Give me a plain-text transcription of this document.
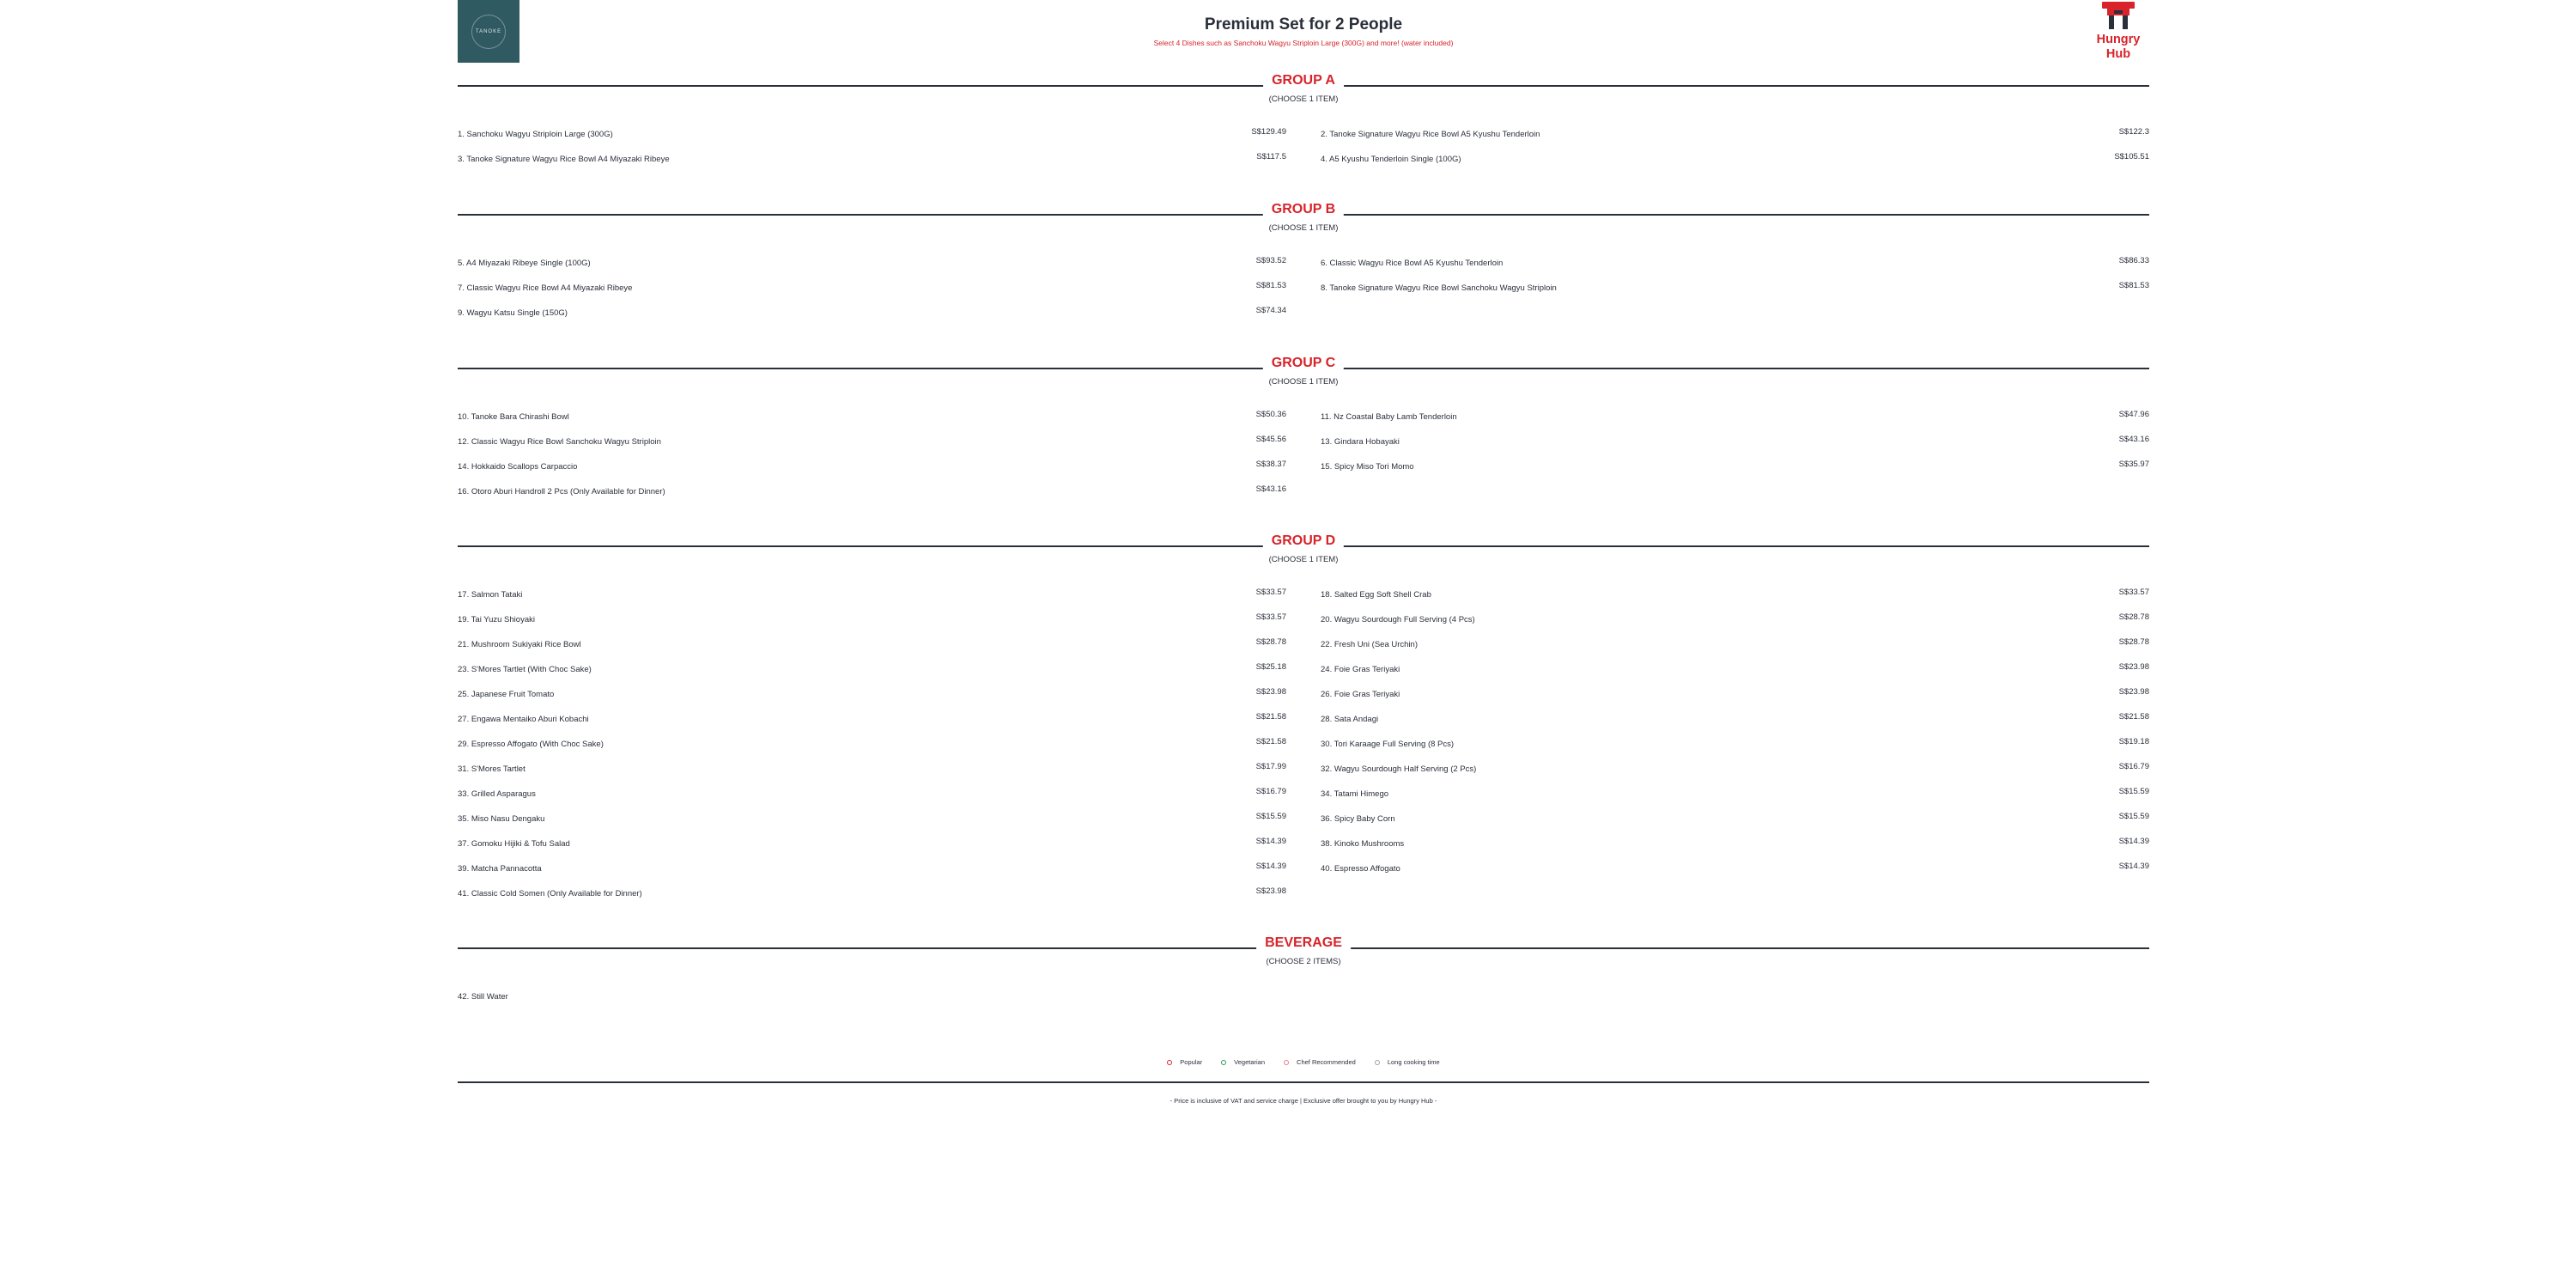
TANOKE	Premium Set for 2 People
Select 4 Dishes such as Sanchoku Wagyu Striploin Large (300G) and more! (water included)	Hungry
Hub
GROUP A
(CHOOSE 1 ITEM)
1. Sanchoku Wagyu Striploin Large (300G)	S$129.49
3. Tanoke Signature Wagyu Rice Bowl A4 Miyazaki Ribeye	S$117.5
2. Tanoke Signature Wagyu Rice Bowl A5 Kyushu Tenderloin	S$122.3
4. A5 Kyushu Tenderloin Single (100G)	S$105.51
GROUP B
(CHOOSE 1 ITEM)
5. A4 Miyazaki Ribeye Single (100G)	S$93.52
7. Classic Wagyu Rice Bowl A4 Miyazaki Ribeye	S$81.53
9. Wagyu Katsu Single (150G)	S$74.34
6. Classic Wagyu Rice Bowl A5 Kyushu Tenderloin	S$86.33
8. Tanoke Signature Wagyu Rice Bowl Sanchoku Wagyu Striploin	S$81.53
GROUP C
(CHOOSE 1 ITEM)
10. Tanoke Bara Chirashi Bowl	S$50.36
12. Classic Wagyu Rice Bowl Sanchoku Wagyu Striploin	S$45.56
14. Hokkaido Scallops Carpaccio	S$38.37
16. Otoro Aburi Handroll 2 Pcs (Only Available for Dinner)	S$43.16
11. Nz Coastal Baby Lamb Tenderloin	S$47.96
13. Gindara Hobayaki	S$43.16
15. Spicy Miso Tori Momo	S$35.97
GROUP D
(CHOOSE 1 ITEM)
17. Salmon Tataki	S$33.57
19. Tai Yuzu Shioyaki	S$33.57
21. Mushroom Sukiyaki Rice Bowl	S$28.78
23. S'Mores Tartlet (With Choc Sake)	S$25.18
25. Japanese Fruit Tomato	S$23.98
27. Engawa Mentaiko Aburi Kobachi	S$21.58
29. Espresso Affogato (With Choc Sake)	S$21.58
31. S'Mores Tartlet	S$17.99
33. Grilled Asparagus	S$16.79
35. Miso Nasu Dengaku	S$15.59
37. Gomoku Hijiki & Tofu Salad	S$14.39
39. Matcha Pannacotta	S$14.39
41. Classic Cold Somen (Only Available for Dinner)	S$23.98
18. Salted Egg Soft Shell Crab	S$33.57
20. Wagyu Sourdough Full Serving (4 Pcs)	S$28.78
22. Fresh Uni (Sea Urchin)	S$28.78
24. Foie Gras Teriyaki	S$23.98
26. Foie Gras Teriyaki	S$23.98
28. Sata Andagi	S$21.58
30. Tori Karaage Full Serving (8 Pcs)	S$19.18
32. Wagyu Sourdough Half Serving (2 Pcs)	S$16.79
34. Tatami Himego	S$15.59
36. Spicy Baby Corn	S$15.59
38. Kinoko Mushrooms	S$14.39
40. Espresso Affogato	S$14.39
BEVERAGE
(CHOOSE 2 ITEMS)
42. Still Water
Popular	Vegetarian	Chef Recommended	Long cooking time
- Price is inclusive of VAT and service charge | Exclusive offer brought to you by Hungry Hub -
